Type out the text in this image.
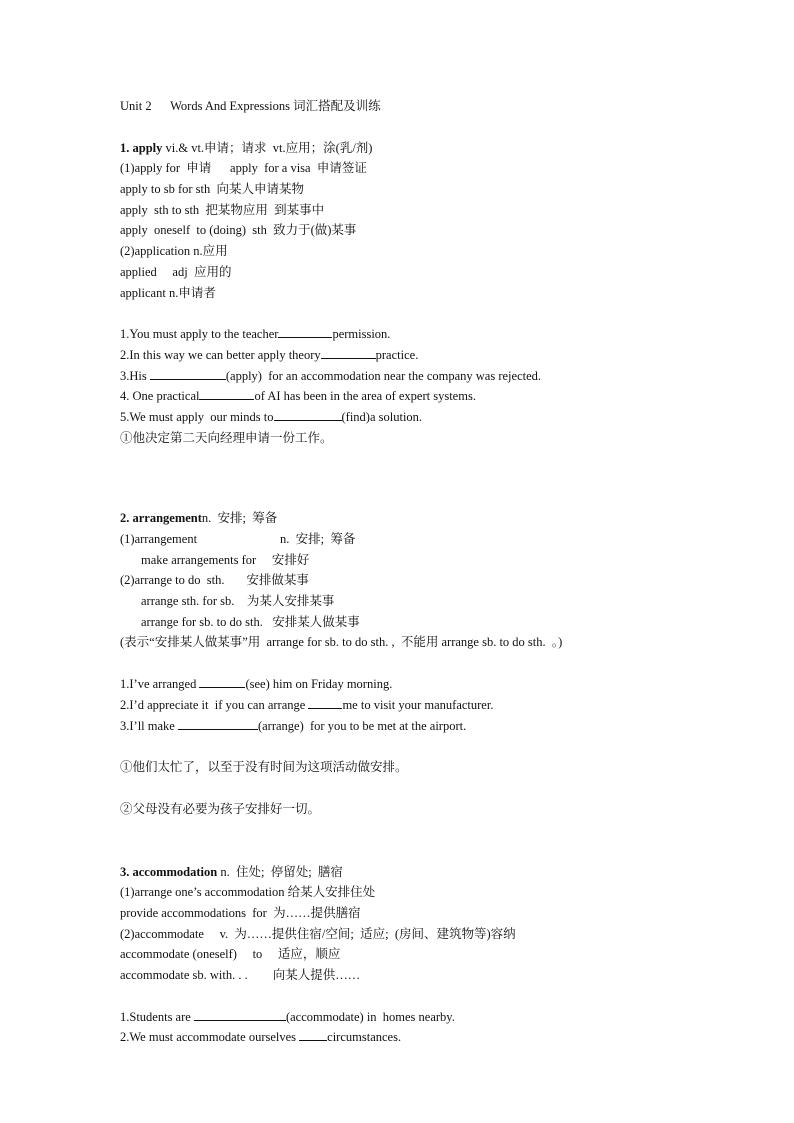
Unit 2      Words And Expressions 词汇搭配及训练
1. apply vi.& vt.申请；请求  vt.应用；涂(乳/剂)
(1)apply for  申请      apply  for a visa  申请签证
apply to sb for sth  向某人申请某物
apply  sth to sth  把某物应用  到某事中
apply  oneself  to (doing)  sth  致力于(做)某事
(2)application n.应用
applied     adj  应用的
applicant n.申请者
1.You must apply to the teacher	permission.
2.In this way we can better apply theory	practice.
3.His	(apply)  for an accommodation near the company was rejected.
4. One practical	of AI has been in the area of expert systems.
5.We must apply  our minds to	(find)a solution.
①他决定第二天向经理申请一份工作。
2. arrangementn.  安排;  筹备
(1)arrangement	n.  安排;  筹备
make arrangements for     安排好
(2)arrange to do  sth.       安排做某事
arrange sth. for sb.    为某人安排某事
arrange for sb. to do sth.   安排某人做某事
(表示“安排某人做某事”用  arrange for sb. to do sth. ,  不能用 arrange sb. to do sth.  。)
1.I’ve arranged	(see) him on Friday morning.
2.I’d appreciate it  if you can arrange	me to visit your manufacturer.
3.I’ll make	(arrange)  for you to be met at the airport.
①他们太忙了，以至于没有时间为这项活动做安排。
②父母没有必要为孩子安排好一切。
3. accommodation n.  住处;  停留处;  膳宿
(1)arrange one’s accommodation 给某人安排住处
provide accommodations  for  为……提供膳宿
(2)accommodate     v.  为……提供住宿/空间;  适应;  (房间、建筑物等)容纳
accommodate (oneself)     to     适应，顺应
accommodate sb. with. . .        向某人提供……
1.Students are	(accommodate) in  homes nearby.
2.We must accommodate ourselves circumstances.
